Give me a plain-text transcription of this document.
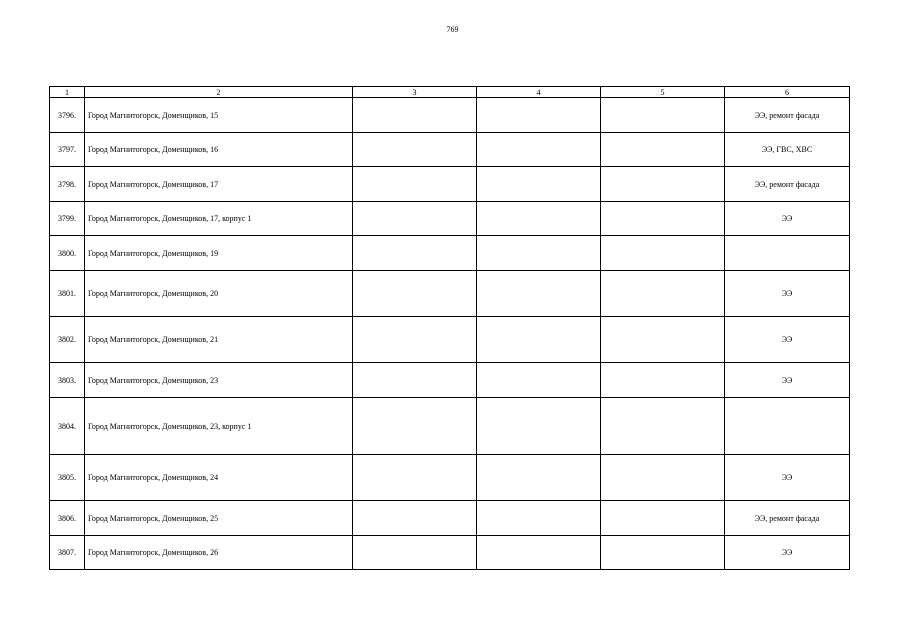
769
1	2	3	4	5	6
3796.	Город Магнитогорск, Доменщиков, 15				ЭЭ, ремонт фасада
3797.	Город Магнитогорск, Доменщиков, 16				ЭЭ, ГВС, ХВС
3798.	Город Магнитогорск, Доменщиков, 17				ЭЭ, ремонт фасада
3799.	Город Магнитогорск, Доменщиков, 17, корпус 1				ЭЭ
3800.	Город Магнитогорск, Доменщиков, 19				
3801.	Город Магнитогорск, Доменщиков, 20				ЭЭ
3802.	Город Магнитогорск, Доменщиков, 21				ЭЭ
3803.	Город Магнитогорск, Доменщиков, 23				ЭЭ
3804.	Город Магнитогорск, Доменщиков, 23, корпус 1				
3805.	Город Магнитогорск, Доменщиков, 24				ЭЭ
3806.	Город Магнитогорск, Доменщиков, 25				ЭЭ, ремонт фасада
3807.	Город Магнитогорск, Доменщиков, 26				ЭЭ
